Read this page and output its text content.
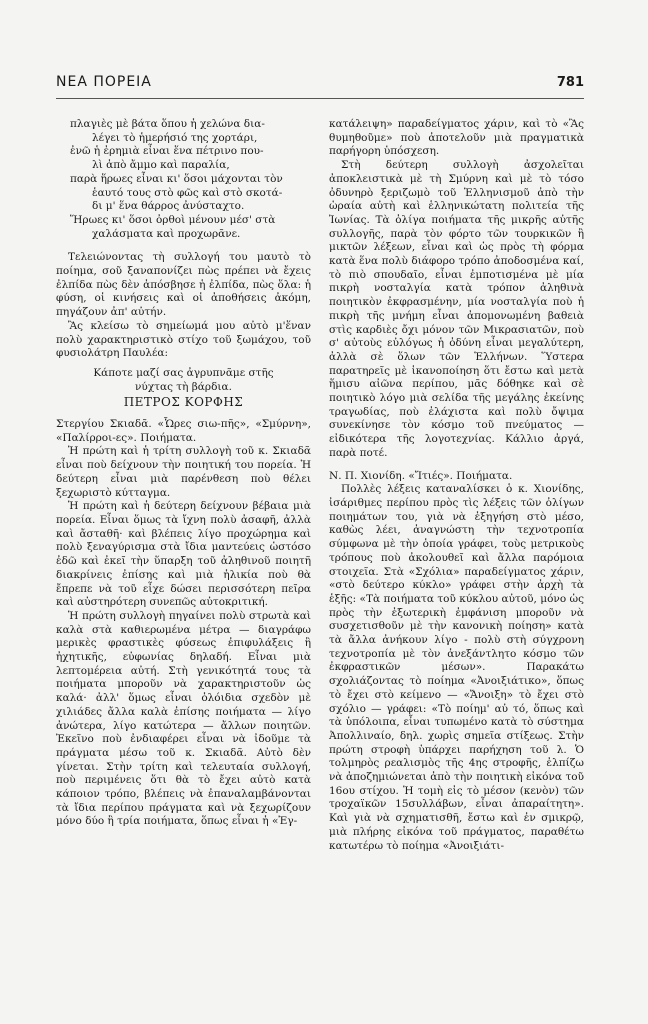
ΝΕΑ ΠΟΡΕΙΑ	781
πλαγιὲς μὲ βάτα ὅπου ἡ χελώνα δια-
λέγει τὸ ἡμερήσιό της χορτάρι,
ἐνῶ ἡ ἐρημιὰ εἶναι ἕνα πέτρινο που-
λὶ ἀπὸ ἄμμο καὶ παραλία,
παρὰ ἥρωες εἶναι κι' ὅσοι μάχονται τὸν
ἑαυτό τους στὸ φῶς καὶ στὸ σκοτά-
δι μ' ἕνα θάρρος ἀνύσταχτο.
Ἥρωες κι' ὅσοι ὀρθοὶ μένουν μέσ' στὰ
χαλάσματα καὶ προχωρᾶνε.

Τελειώνοντας τὴ συλλογή του μαυτὸ τὸ ποίημα, σοῦ ξαναπονίζει πὼς πρέπει νὰ ἔχεις ἐλπίδα πὼς δὲν ἀπόσβησε ἡ ἐλπίδα, πὼς ὅλα: ἡ φύση, οἱ κινήσεις καὶ οἱ ἀποθήσεις ἀκόμη, πηγάζουν ἀπ' αὐτήν.

Ἂς κλείσω τὸ σημείωμά μου αὐτὸ μ'ἕναν πολὺ χαρακτηριστικὸ στίχο τοῦ ξωμάχου, τοῦ φυσιολάτρη Παυλέα:

Κάποτε μαζί σας ἀγρυπνᾶμε στῆς
νύχτας τὴ βάρδια.
ΠΕΤΡΟΣ ΚΟΡΦΗΣ

Στεργίου Σκιαδᾶ. «Ὧρες σιω-πῆς», «Σμύρνη», «Παλίρροι-ες». Ποιήματα.

Ἡ πρώτη καὶ ἡ τρίτη συλλογὴ τοῦ κ. Σκιαδᾶ εἶναι ποὺ δείχνουν τὴν ποιητική του πορεία. Ἡ δεύτερη εἶναι μιὰ παρένθεση ποὺ θέλει ξεχωριστὸ κύτταγμα.

Ἡ πρώτη καὶ ἡ δεύτερη δείχνουν βέβαια μιὰ πορεία. Εἶναι ὅμως τὰ ἴχνη πολὺ ἀσαφῆ, ἀλλὰ καὶ ἄσταθῆ· καὶ βλέπεις λίγο προχώρημα καὶ πολὺ ξεναγύρισμα στὰ ἴδια μαντεύεις ὡστόσο ἐδῶ καὶ ἐκεῖ τὴν ὕπαρξη τοῦ ἀληθινοῦ ποιητῆ διακρίνεις ἐπίσης καὶ μιὰ ἡλικία ποὺ θὰ ἔπρεπε νὰ τοῦ εἶχε δώσει περισσότερη πεῖρα καὶ αὐστηρότερη συνεπῶς αὐτοκριτική.

Ἡ πρώτη συλλογὴ πηγαίνει πολὺ στρωτὰ καὶ καλὰ στὰ καθιερωμένα μέτρα — διαγράφω μερικὲς φραστικὲς φύσεως ἐπιφυλάξεις ἢ ἠχητικῆς, εὐφωνίας δηλαδή. Εἶναι μιὰ λεπτομέρεια αὐτή. Στὴ γενικότητά τους τὰ ποιήματα μποροῦν νὰ χαρακτηριστοῦν ὡς καλά· ἀλλ' ὅμως εἶναι ὁλόιδια σχεδὸν μὲ χιλιάδες ἄλλα καλὰ ἐπίσης ποιήματα — λίγο ἀνώτερα, λίγο κατώτερα — ἄλλων ποιητῶν. Ἐκεῖνο ποὺ ἐνδιαφέρει εἶναι νὰ ἰδοῦμε τὰ πράγματα μέσω τοῦ κ. Σκιαδᾶ. Αὐτὸ δὲν γίνεται. Στὴν τρίτη καὶ τελευταία συλλογή, ποὺ περιμένεις ὅτι θὰ τὸ ἔχει αὐτὸ κατὰ κάποιον τρόπο, βλέπεις νὰ ἐπαναλαμβάνονται τὰ ἴδια περίπου πράγματα καὶ νὰ ξεχωρίζουν μόνο δύο ἢ τρία ποιήματα, ὅπως εἶναι ἡ «Ἐγ-

κατάλειψη» παραδείγματος χάριν, καὶ τὸ «Ἂς θυμηθοῦμε» ποὺ ἀποτελοῦν μιὰ πραγματικὰ παρήγορη ὑπόσχεση.

Στὴ δεύτερη συλλογὴ ἀσχολεῖται ἀποκλειστικὰ μὲ τὴ Σμύρνη καὶ μὲ τὸ τόσο ὀδυνηρὸ ξεριζωμὸ τοῦ Ἑλληνισμοῦ ἀπὸ τὴν ὡραία αὐτὴ καὶ ἑλληνικώτατη πολιτεία τῆς Ἰωνίας. Τὰ ὀλίγα ποιήματα τῆς μικρῆς αὐτῆς συλλογῆς, παρὰ τὸν φόρτο τῶν τουρκικῶν ἢ μικτῶν λέξεων, εἶναι καὶ ὡς πρὸς τὴ φόρμα κατὰ ἕνα πολὺ διάφορο τρόπο ἀποδοσμένα καί, τὸ πιὸ σπουδαῖο, εἶναι ἐμποτισμένα μὲ μία πικρὴ νοσταλγία κατὰ τρόπον ἀληθινὰ ποιητικὸν ἐκφρασμένην, μία νοσταλγία ποὺ ἡ πικρὴ τῆς μνήμη εἶναι ἀπομονωμένη βαθειὰ στὶς καρδιὲς ὄχι μόνον τῶν Μικρασιατῶν, ποὺ σ' αὐτοὺς εὐλόγως ἡ ὀδύνη εἶναι μεγαλύτερη, ἀλλὰ σὲ ὅλων τῶν Ἑλλήνων. Ὕστερα παρατηρεῖς μὲ ἱκανοποίηση ὅτι ἔστω καὶ μετὰ ἥμισυ αἰῶνα περίπου, μᾶς δόθηκε καὶ σὲ ποιητικὸ λόγο μιὰ σελίδα τῆς μεγάλης ἐκείνης τραγωδίας, ποὺ ἐλάχιστα καὶ πολὺ ὄψιμα συνεκίνησε τὸν κόσμο τοῦ πνεύματος — εἰδικότερα τῆς λογοτεχνίας. Κάλλιο ἀργά, παρὰ ποτέ.

Ν. Π. Χιονίδη. «Ἴτιές». Ποιήματα.

Πολλὲς λέξεις καταναλίσκει ὁ κ. Χιονίδης, ἰσάριθμες περίπου πρὸς τὶς λέξεις τῶν ὀλίγων ποιημάτων του, γιὰ νὰ ἐξηγήση στὸ μέσο, καθὼς λέει, ἀναγνώστη τὴν τεχνοτροπία σύμφωνα μὲ τὴν ὁποία γράφει, τοὺς μετρικοὺς τρόπους ποὺ ἀκολουθεῖ καὶ ἄλλα παρόμοια στοιχεῖα. Στὰ «Σχόλια» παραδείγματος χάριν, «στὸ δεύτερο κύκλο» γράφει στὴν ἀρχὴ τὰ ἑξῆς: «Τὰ ποιήματα τοῦ κύκλου αὐτοῦ, μόνο ὡς πρὸς τὴν ἐξωτερικὴ ἐμφάνιση μποροῦν νὰ συσχετισθοῦν μὲ τὴν κανονικὴ ποίηση» κατὰ τὰ ἄλλα ἀνήκουν λίγο - πολὺ στὴ σύγχρονη τεχνοτροπία μὲ τὸν ἀνεξάντλητο κόσμο τῶν ἐκφραστικῶν μέσων». Παρακάτω σχολιάζοντας τὸ ποίημα «Ἀνοιξιάτικο», ὅπως τὸ ἔχει στὸ κείμενο — «Ἄνοιξη» τὸ ἔχει στὸ σχόλιο — γράφει: «Τὸ ποίημ' αὐ τό, ὅπως καὶ τὰ ὑπόλοιπα, εἶναι τυπωμένο κατὰ τὸ σύστημα Ἀπολλιναίο, δηλ. χωρὶς σημεῖα στίξεως. Στὴν πρώτη στροφὴ ὑπάρχει παρήχηση τοῦ λ. Ὁ τολμηρὸς ρεαλισμὸς τῆς 4ης στροφῆς, ἐλπίζω νὰ ἀποζημιώνεται ἀπὸ τὴν ποιητικὴ εἰκόνα τοῦ 16ου στίχου. Ἡ τομὴ εἰς τὸ μέσον (κενὸν) τῶν τροχαϊκῶν 15συλλάβων, εἶναι ἀπαραίτητη». Καὶ γιὰ νὰ σχηματισθῆ, ἔστω καὶ ἐν σμικρῷ, μιὰ πλήρης εἰκόνα τοῦ πράγματος, παραθέτω κατωτέρω τὸ ποίημα «Ἀνοιξιάτι-
